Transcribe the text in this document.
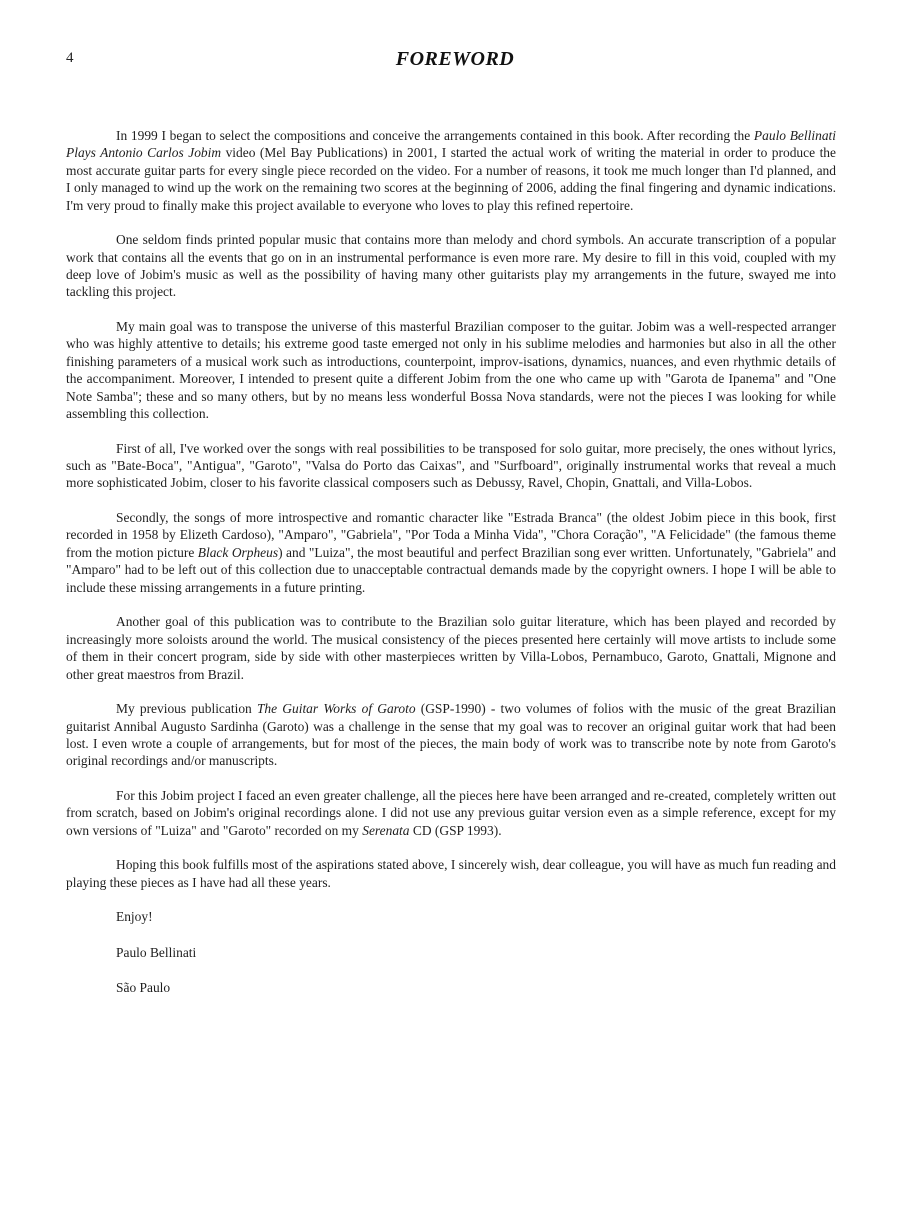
4	FOREWORD

In 1999 I began to select the compositions and conceive the arrangements contained in this book. After recording the Paulo Bellinati Plays Antonio Carlos Jobim video (Mel Bay Publications) in 2001, I started the actual work of writing the material in order to produce the most accurate guitar parts for every single piece recorded on the video. For a number of reasons, it took me much longer than I'd planned, and I only managed to wind up the work on the remaining two scores at the beginning of 2006, adding the final fingering and dynamic indications. I'm very proud to finally make this project available to everyone who loves to play this refined repertoire.

One seldom finds printed popular music that contains more than melody and chord symbols. An accurate transcription of a popular work that contains all the events that go on in an instrumental performance is even more rare. My desire to fill in this void, coupled with my deep love of Jobim's music as well as the possibility of having many other guitarists play my arrangements in the future, swayed me into tackling this project.

My main goal was to transpose the universe of this masterful Brazilian composer to the guitar. Jobim was a well-respected arranger who was highly attentive to details; his extreme good taste emerged not only in his sublime melodies and harmonies but also in all the other finishing parameters of a musical work such as introductions, counterpoint, improv-isations, dynamics, nuances, and even rhythmic details of the accompaniment. Moreover, I intended to present quite a different Jobim from the one who came up with "Garota de Ipanema" and "One Note Samba"; these and so many others, but by no means less wonderful Bossa Nova standards, were not the pieces I was looking for while assembling this collection.

First of all, I've worked over the songs with real possibilities to be transposed for solo guitar, more precisely, the ones without lyrics, such as "Bate-Boca", "Antigua", "Garoto", "Valsa do Porto das Caixas", and "Surfboard", originally instrumental works that reveal a much more sophisticated Jobim, closer to his favorite classical composers such as Debussy, Ravel, Chopin, Gnattali, and Villa-Lobos.

Secondly, the songs of more introspective and romantic character like "Estrada Branca" (the oldest Jobim piece in this book, first recorded in 1958 by Elizeth Cardoso), "Amparo", "Gabriela", "Por Toda a Minha Vida", "Chora Coração", "A Felicidade" (the famous theme from the motion picture Black Orpheus) and "Luiza", the most beautiful and perfect Brazilian song ever written. Unfortunately, "Gabriela" and "Amparo" had to be left out of this collection due to unacceptable contractual demands made by the copyright owners. I hope I will be able to include these missing arrangements in a future printing.

Another goal of this publication was to contribute to the Brazilian solo guitar literature, which has been played and recorded by increasingly more soloists around the world. The musical consistency of the pieces presented here certainly will move artists to include some of them in their concert program, side by side with other masterpieces written by Villa-Lobos, Pernambuco, Garoto, Gnattali, Mignone and other great maestros from Brazil.

My previous publication The Guitar Works of Garoto (GSP-1990) - two volumes of folios with the music of the great Brazilian guitarist Annibal Augusto Sardinha (Garoto) was a challenge in the sense that my goal was to recover an original guitar work that had been lost. I even wrote a couple of arrangements, but for most of the pieces, the main body of work was to transcribe note by note from Garoto's original recordings and/or manuscripts.

For this Jobim project I faced an even greater challenge, all the pieces here have been arranged and re-created, completely written out from scratch, based on Jobim's original recordings alone. I did not use any previous guitar version even as a simple reference, except for my own versions of "Luiza" and "Garoto" recorded on my Serenata CD (GSP 1993).

Hoping this book fulfills most of the aspirations stated above, I sincerely wish, dear colleague, you will have as much fun reading and playing these pieces as I have had all these years.

Enjoy!

Paulo Bellinati

São Paulo
